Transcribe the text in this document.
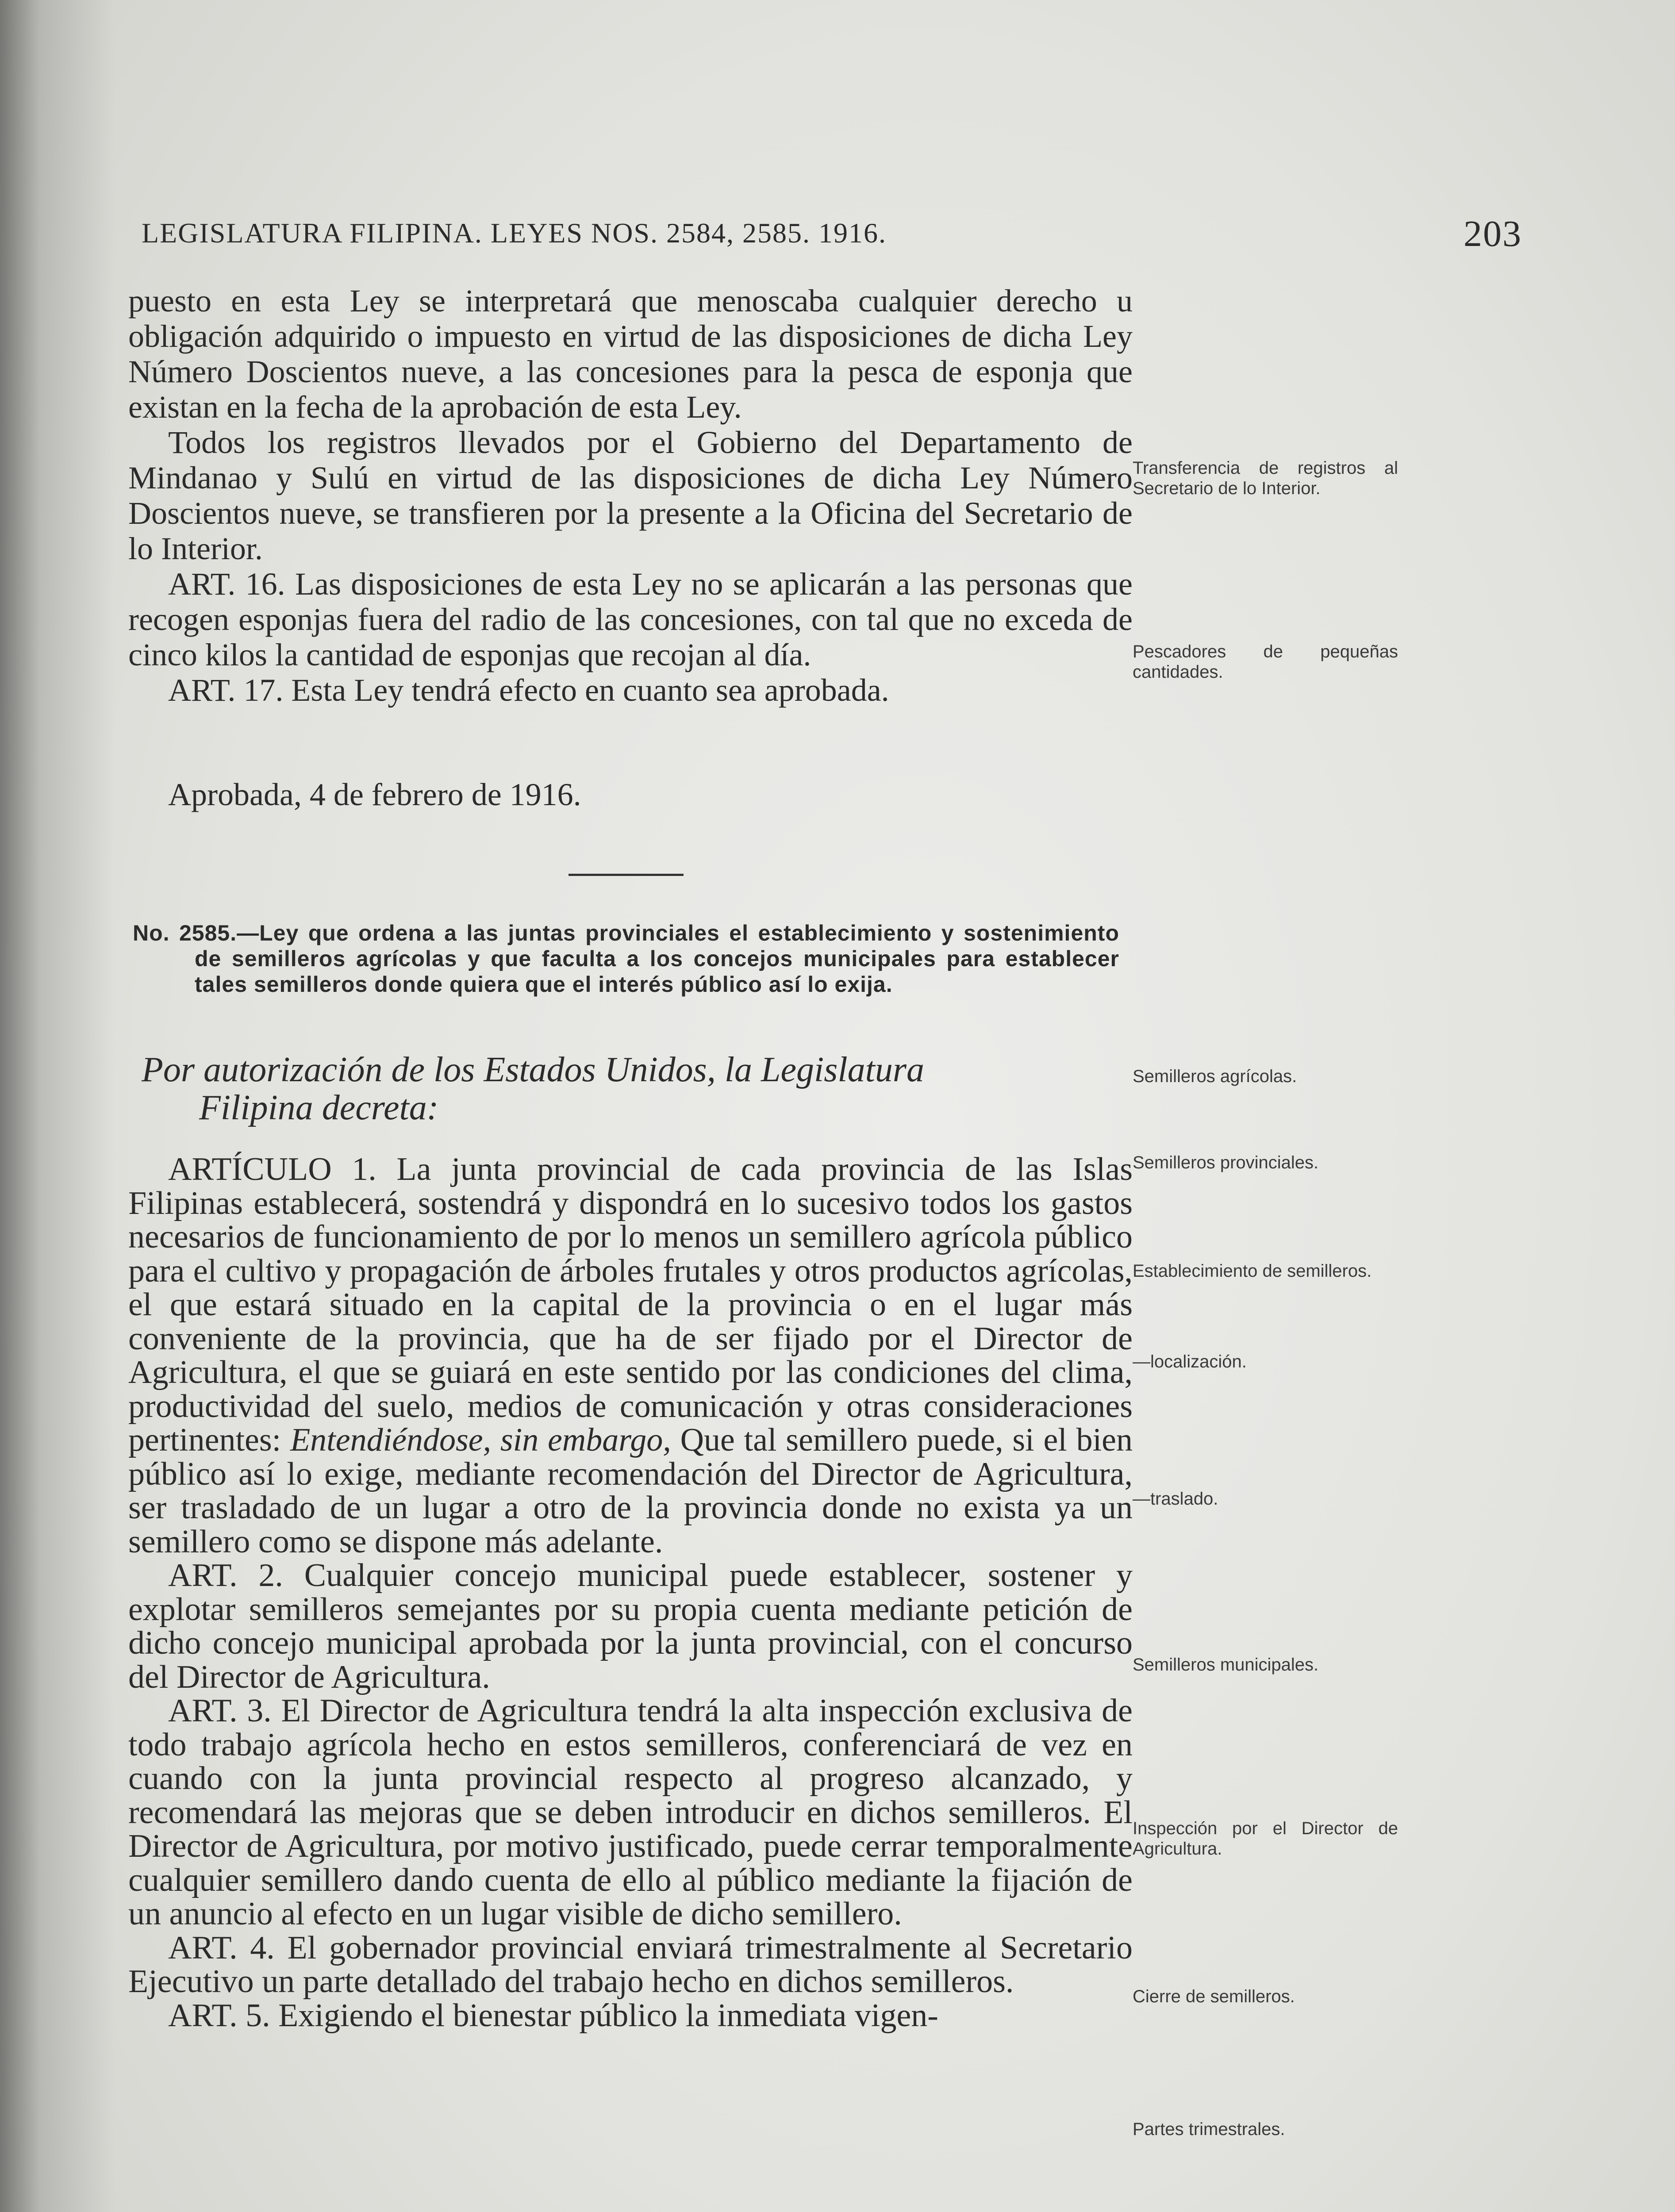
LEGISLATURA FILIPINA. LEYES NOS. 2584, 2585. 1916.	203

puesto en esta Ley se interpretará que menoscaba cualquier derecho u obligación adquirido o impuesto en virtud de las disposiciones de dicha Ley Número Doscientos nueve, a las concesiones para la pesca de esponja que existan en la fecha de la aprobación de esta Ley.

Todos los registros llevados por el Gobierno del Departamento de Mindanao y Sulú en virtud de las disposiciones de dicha Ley Número Doscientos nueve, se transfieren por la presente a la Oficina del Secretario de lo Interior.

ART. 16. Las disposiciones de esta Ley no se aplicarán a las personas que recogen esponjas fuera del radio de las concesiones, con tal que no exceda de cinco kilos la cantidad de esponjas que recojan al día.

ART. 17. Esta Ley tendrá efecto en cuanto sea aprobada.

Aprobada, 4 de febrero de 1916.
No. 2585.—Ley que ordena a las juntas provinciales el establecimiento y sostenimiento de semilleros agrícolas y que faculta a los concejos municipales para establecer tales semilleros donde quiera que el interés público así lo exija.
Por autorización de los Estados Unidos, la Legislatura
Filipina decreta:

ARTÍCULO 1. La junta provincial de cada provincia de las Islas Filipinas establecerá, sostendrá y dispondrá en lo sucesivo todos los gastos necesarios de funcionamiento de por lo menos un semillero agrícola público para el cultivo y propagación de árboles frutales y otros productos agrícolas, el que estará situado en la capital de la provincia o en el lugar más conveniente de la provincia, que ha de ser fijado por el Director de Agricultura, el que se guiará en este sentido por las condiciones del clima, productividad del suelo, medios de comunicación y otras consideraciones pertinentes: Entendiéndose, sin embargo, Que tal semillero puede, si el bien público así lo exige, mediante recomendación del Director de Agricultura, ser trasladado de un lugar a otro de la provincia donde no exista ya un semillero como se dispone más adelante.

ART. 2. Cualquier concejo municipal puede establecer, sostener y explotar semilleros semejantes por su propia cuenta mediante petición de dicho concejo municipal aprobada por la junta provincial, con el concurso del Director de Agricultura.

ART. 3. El Director de Agricultura tendrá la alta inspección exclusiva de todo trabajo agrícola hecho en estos semilleros, conferenciará de vez en cuando con la junta provincial respecto al progreso alcanzado, y recomendará las mejoras que se deben introducir en dichos semilleros. El Director de Agricultura, por motivo justificado, puede cerrar temporalmente cualquier semillero dando cuenta de ello al público mediante la fijación de un anuncio al efecto en un lugar visible de dicho semillero.

ART. 4. El gobernador provincial enviará trimestralmente al Secretario Ejecutivo un parte detallado del trabajo hecho en dichos semilleros.

ART. 5. Exigiendo el bienestar público la inmediata vigen-

Transferencia de registros al Secretario de lo Interior.
Pescadores de pequeñas cantidades.
Semilleros agrícolas.
Semilleros provinciales.
Establecimiento de semilleros.
—localización.
—traslado.
Semilleros municipales.
Inspección por el Director de Agricultura.
Cierre de semilleros.
Partes trimestrales.
